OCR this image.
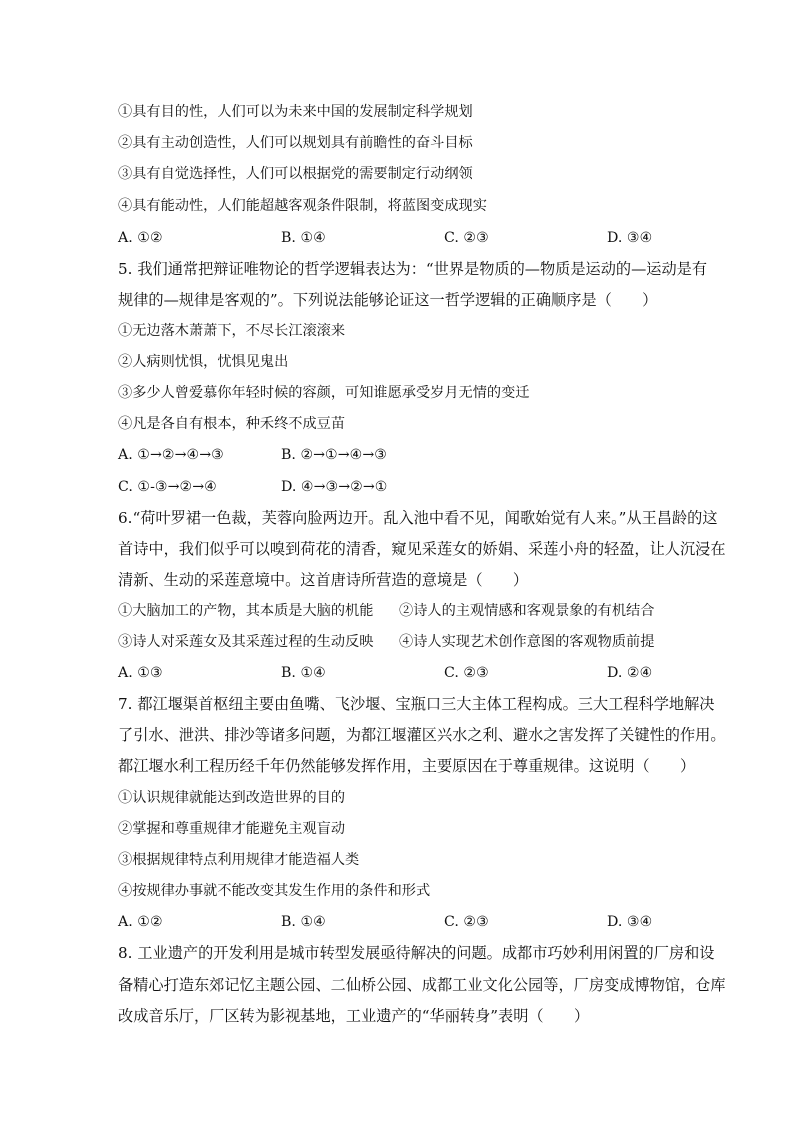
①具有目的性，人们可以为未来中国的发展制定科学规划
②具有主动创造性，人们可以规划具有前瞻性的奋斗目标
③具有自觉选择性，人们可以根据党的需要制定行动纲领
④具有能动性，人们能超越客观条件限制，将蓝图变成现实
A. ①②	B. ①④	C. ②③	D. ③④
5. 我们通常把辩证唯物论的哲学逻辑表达为：“世界是物质的—物质是运动的—运动是有
规律的—规律是客观的”。下列说法能够论证这一哲学逻辑的正确顺序是（　　）
①无边落木萧萧下，不尽长江滚滚来
②人病则忧惧，忧惧见鬼出
③多少人曾爱慕你年轻时候的容颜，可知谁愿承受岁月无情的变迁
④凡是各自有根本，种禾终不成豆苗
A. ①→②→④→③	B. ②→①→④→③
C. ①-③→②→④	D. ④→③→②→①
6.“荷叶罗裙一色裁，芙蓉向脸两边开。乱入池中看不见，闻歌始觉有人来。”从王昌龄的这
首诗中，我们似乎可以嗅到荷花的清香，窥见采莲女的娇娟、采莲小舟的轻盈，让人沉浸在
清新、生动的采莲意境中。这首唐诗所营造的意境是（　　）
①大脑加工的产物，其本质是大脑的机能 ②诗人的主观情感和客观景象的有机结合
③诗人对采莲女及其采莲过程的生动反映 ④诗人实现艺术创作意图的客观物质前提
A. ①③	B. ①④	C. ②③	D. ②④
7. 都江堰渠首枢纽主要由鱼嘴、飞沙堰、宝瓶口三大主体工程构成。三大工程科学地解决
了引水、泄洪、排沙等诸多问题，为都江堰灌区兴水之利、避水之害发挥了关键性的作用。
都江堰水利工程历经千年仍然能够发挥作用，主要原因在于尊重规律。这说明（　　）
①认识规律就能达到改造世界的目的
②掌握和尊重规律才能避免主观盲动
③根据规律特点利用规律才能造福人类
④按规律办事就不能改变其发生作用的条件和形式
A. ①②	B. ①④	C. ②③	D. ③④
8. 工业遗产的开发利用是城市转型发展亟待解决的问题。成都市巧妙利用闲置的厂房和设
备精心打造东郊记忆主题公园、二仙桥公园、成都工业文化公园等，厂房变成博物馆，仓库
改成音乐厅，厂区转为影视基地，工业遗产的“华丽转身”表明（　　）
